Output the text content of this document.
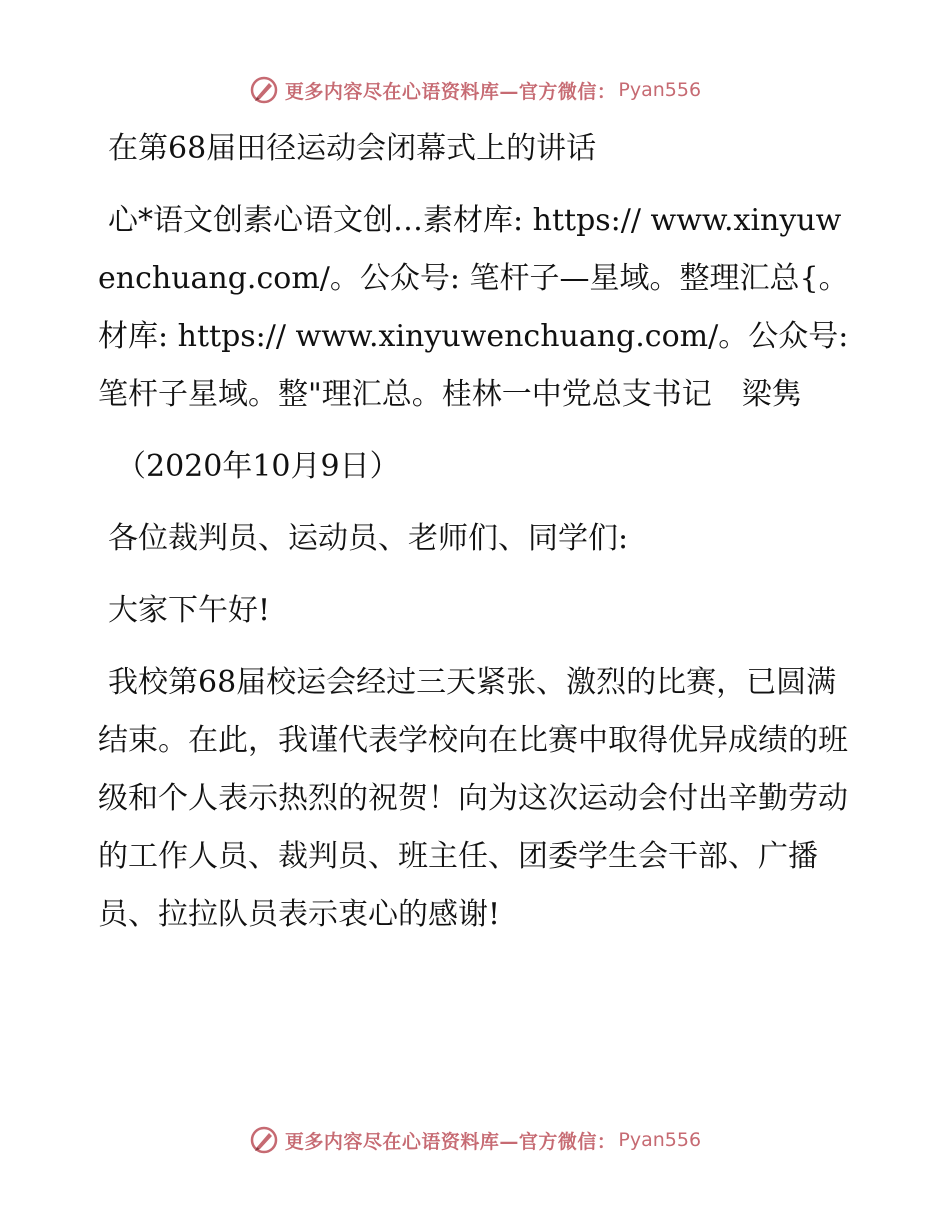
更多内容尽在心语资料库—官方微信： Pyan556

在第68届田径运动会闭幕式上的讲话

心*语文创素心语文创…素材库: https:// www.xinyuwenchuang.com/。公众号: 笔杆子—星域。整理汇总{。材库: https:// www.xinyuwenchuang.com/。公众号: 笔杆子星域。整"理汇总。桂林一中党总支书记　梁隽

（2020年10月9日）

各位裁判员、运动员、老师们、同学们:

大家下午好!

我校第68届校运会经过三天紧张、激烈的比赛，已圆满结束。在此，我谨代表学校向在比赛中取得优异成绩的班级和个人表示热烈的祝贺！向为这次运动会付出辛勤劳动的工作人员、裁判员、班主任、团委学生会干部、广播员、拉拉队员表示衷心的感谢!

更多内容尽在心语资料库—官方微信： Pyan556
